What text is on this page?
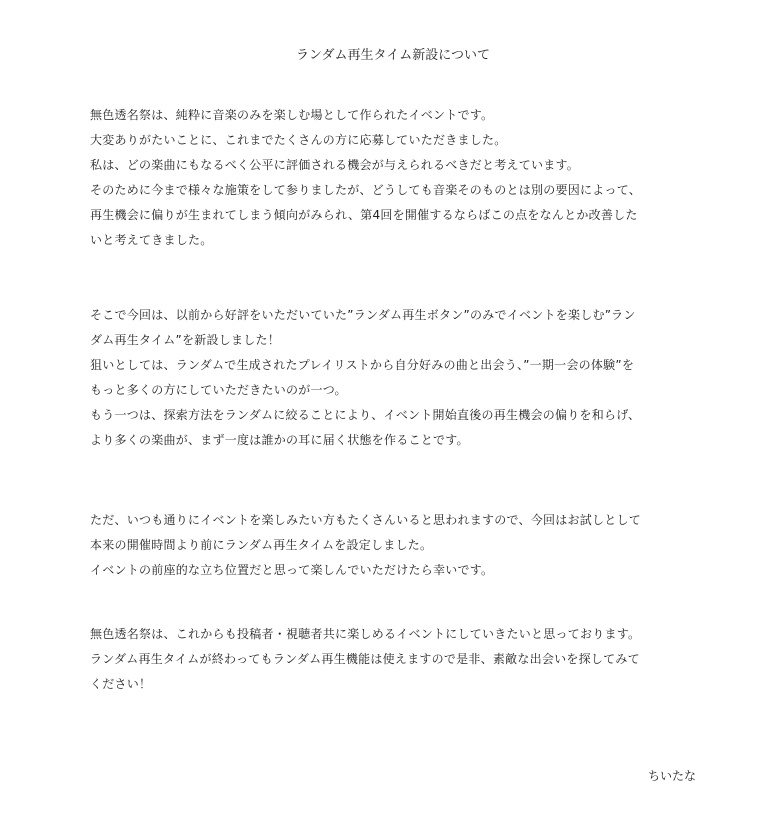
ランダム再生タイム新設について
無色透名祭は、純粋に音楽のみを楽しむ場として作られたイベントです。
大変ありがたいことに、これまでたくさんの方に応募していただきました。
私は、どの楽曲にもなるべく公平に評価される機会が与えられるべきだと考えています。
そのために今まで様々な施策をして参りましたが、どうしても音楽そのものとは別の要因によって、
再生機会に偏りが生まれてしまう傾向がみられ、第4回を開催するならばこの点をなんとか改善した
いと考えてきました。
そこで今回は、以前から好評をいただいていた”ランダム再生ボタン”のみでイベントを楽しむ”ラン
ダム再生タイム”を新設しました！
狙いとしては、ランダムで生成されたプレイリストから自分好みの曲と出会う、”一期一会の体験”を
もっと多くの方にしていただきたいのが一つ。
もう一つは、探索方法をランダムに絞ることにより、イベント開始直後の再生機会の偏りを和らげ、
より多くの楽曲が、まず一度は誰かの耳に届く状態を作ることです。
ただ、いつも通りにイベントを楽しみたい方もたくさんいると思われますので、今回はお試しとして
本来の開催時間より前にランダム再生タイムを設定しました。
イベントの前座的な立ち位置だと思って楽しんでいただけたら幸いです。
無色透名祭は、これからも投稿者・視聴者共に楽しめるイベントにしていきたいと思っております。
ランダム再生タイムが終わってもランダム再生機能は使えますので是非、素敵な出会いを探してみて
ください！
ちいたな
